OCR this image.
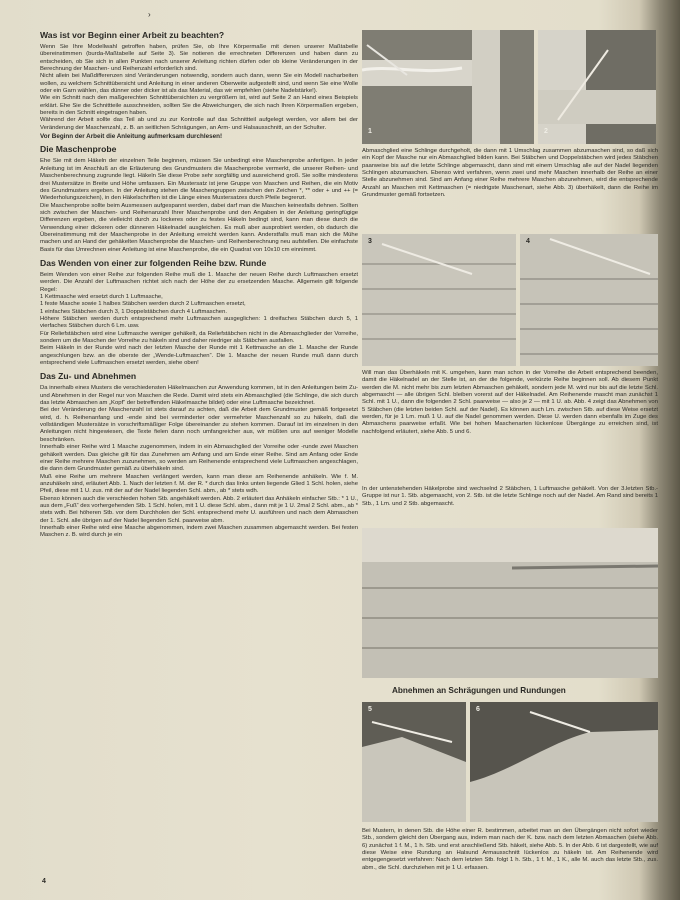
›
Was ist vor Beginn einer Arbeit zu beachten?

Wenn Sie Ihre Modellwahl getroffen haben, prüfen Sie, ob Ihre Körpermaße mit denen unserer Maßtabelle übereinstimmen (burda-Maßtabelle auf Seite 3). Sie notieren die errechneten Differenzen und haben dann zu entscheiden, ob Sie sich in allen Punkten nach unserer Anleitung richten dürfen oder ob kleine Veränderungen in der Berechnung der Maschen- und Reihenzahl erforderlich sind.

Nicht allein bei Maßdifferenzen sind Veränderungen notwendig, sondern auch dann, wenn Sie ein Modell nacharbeiten wollen, zu welchem Schnittübersicht und Anleitung in einer anderen Oberweite aufgestellt sind, und wenn Sie eine Wolle oder ein Garn wählen, das dünner oder dicker ist als das Material, das wir empfehlen (siehe Nadelstärke!).

Wie ein Schnitt nach den maßgerechten Schnittübersichten zu vergrößern ist, wird auf Seite 2 an Hand eines Beispiels erklärt. Ehe Sie die Schnittteile ausschneiden, sollten Sie die Abweichungen, die sich nach Ihren Körpermaßen ergeben, bereits in den Schnitt eingetragen haben.

Während der Arbeit sollte das Teil ab und zu zur Kontrolle auf das Schnittteil aufgelegt werden, vor allem bei der Veränderung der Maschenzahl, z. B. an seitlichen Schrägungen, an Arm- und Halsausschnitt, an der Schulter.

Vor Beginn der Arbeit die Anleitung aufmerksam durchlesen!

Die Maschenprobe

Ehe Sie mit dem Häkeln der einzelnen Teile beginnen, müssen Sie unbedingt eine Maschenprobe anfertigen. In jeder Anleitung ist im Anschluß an die Erläuterung des Grundmusters die Maschenprobe vermerkt, die unserer Reihen- und Maschenberechnung zugrunde liegt. Häkeln Sie diese Probe sehr sorgfältig und ausreichend groß. Sie sollte mindestens drei Mustersätze in Breite und Höhe umfassen. Ein Mustersatz ist jene Gruppe von Maschen und Reihen, die ein Motiv des Grundmusters ergeben. In der Anleitung stehen die Maschengruppen zwischen den Zeichen *, ** oder + und ++ (= Wiederholungszeichen), in den Häkelschriften ist die Länge eines Mustersatzes durch Pfeile begrenzt.

Die Maschenprobe sollte beim Ausmessen aufgespannt werden, dabei darf man die Maschen keinesfalls dehnen. Sollten sich zwischen der Maschen- und Reihenanzahl Ihrer Maschenprobe und den Angaben in der Anleitung geringfügige Differenzen ergeben, die vielleicht durch zu lockeres oder zu festes Häkeln bedingt sind, kann man diese durch die Verwendung einer dickeren oder dünneren Häkelnadel ausgleichen. Es muß aber ausprobiert werden, ob dadurch die Übereinstimmung mit der Maschenprobe in der Anleitung erreicht werden kann. Anderstfalls muß man sich die Mühe machen und an Hand der gehäkelten Maschenprobe die Maschen- und Reihenberechnung neu aufstellen. Die einfachste Basis für das Umrechnen einer Anleitung ist eine Maschenprobe, die ein Quadrat von 10x10 cm einnimmt.

Das Wenden von einer zur folgenden Reihe bzw. Runde

Beim Wenden von einer Reihe zur folgenden Reihe muß die 1. Masche der neuen Reihe durch Luftmaschen ersetzt werden. Die Anzahl der Luftmaschen richtet sich nach der Höhe der zu ersetzenden Masche. Allgemein gilt folgende Regel:

1 Kettmasche wird ersetzt durch 1 Luftmasche,

1 feste Masche sowie 1 halbes Stäbchen werden durch 2 Luftmaschen ersetzt,

1 einfaches Stäbchen durch 3, 1 Doppelstäbchen durch 4 Luftmaschen.

Höhere Stäbchen werden durch entsprechend mehr Luftmaschen ausgeglichen: 1 dreifaches Stäbchen durch 5, 1 vierfaches Stäbchen durch 6 Lm. usw.

Für Reliefstäbchen wird eine Luftmasche weniger gehäkelt, da Reliefstäbchen nicht in die Abmaschglieder der Vorreihe, sondern um die Maschen der Vorreihe zu häkeln sind und daher niedriger als Stäbchen ausfallen.

Beim Häkeln in der Runde wird nach der letzten Masche der Runde mit 1 Kettmasche an die 1. Masche der Runde angeschlungen bzw. an die oberste der „Wende-Luftmaschen“. Die 1. Masche der neuen Runde muß dann durch entsprechend viele Luftmaschen ersetzt werden, siehe oben!

Das Zu- und Abnehmen

Da innerhalb eines Musters die verschiedensten Häkelmaschen zur Anwendung kommen, ist in den Anleitungen beim Zu- und Abnehmen in der Regel nur von Maschen die Rede. Damit wird stets ein Abmaschglied (die Schlinge, die sich durch das letzte Abmaschen am „Kopf“ der betreffenden Häkelmasche bildet) oder eine Luftmasche bezeichnet.

Bei der Veränderung der Maschenzahl ist stets darauf zu achten, daß die Arbeit dem Grundmuster gemäß fortgesetzt wird, d. h. Reihenanfang und -ende sind bei verminderter oder vermehrter Maschenzahl so zu häkeln, daß die vollständigen Mustersätze in vorschriftsmäßiger Folge übereinander zu stehen kommen. Darauf ist im einzelnen in den Anleitungen nicht hingewiesen, die Texte fielen dann noch umfangreicher aus, wir müßten uns auf weniger Modelle beschränken.

Innerhalb einer Reihe wird 1 Masche zugenommen, indem in ein Abmaschglied der Vorreihe oder -runde zwei Maschen gehäkelt werden. Das gleiche gilt für das Zunehmen am Anfang und am Ende einer Reihe. Sind am Anfang oder Ende einer Reihe mehrere Maschen zuzunehmen, so werden am Reihenende entsprechend viele Luftmaschen angeschlagen, die dann dem Grundmuster gemäß zu überhäkeln sind.

Muß eine Reihe um mehrere Maschen verlängert werden, kann man diese am Reihenende anhäkeln. Wie f. M. anzuhäkeln sind, erläutert Abb. 1. Nach der letzten f. M. der R. * durch das links unten liegende Glied 1 Schl. holen, siehe Pfeil, diese mit 1 U. zus. mit der auf der Nadel liegenden Schl. abm., ab * stets wdh.

Ebenso können auch die verschieden hohen Stb. angehäkelt werden. Abb. 2 erläutert das Anhäkeln einfacher Stb.: * 1 U., aus dem „Fuß“ des vorhergehenden Stb. 1 Schl. holen, mit 1 U. diese Schl. abm., dann mit je 1 U. 2mal 2 Schl. abm., ab * stets wdh. Bei höheren Stb. vor dem Durchholen der Schl. entsprechend mehr U. ausführen und nach dem Abmaschen der 1. Schl. alle übrigen auf der Nadel liegenden Schl. paarweise abm.

Innerhalb einer Reihe wird eine Masche abgenommen, indem zwei Maschen zusammen abgemascht werden. Bei festen Maschen z. B. wird durch je ein

1	2

Abmaschglied eine Schlinge durchgeholt, die dann mit 1 Umschlag zusammen abzumaschen sind, so daß sich ein Kopf der Masche nur ein Abmaschglied bilden kann. Bei Stäbchen und Doppelstäbchen wird jedes Stäbchen paarweise bis auf die letzte Schlinge abgemascht, dann sind mit einem Umschlag alle auf der Nadel liegenden Schlingen abzumaschen. Ebenso wird verfahren, wenn zwei und mehr Maschen innerhalb der Reihe an einer Stelle abzunehmen sind. Sind am Anfang einer Reihe mehrere Maschen abzunehmen, wird die entsprechende Anzahl an Maschen mit Kettmaschen (= niedrigste Maschenart, siehe Abb. 3) überhäkelt, dann die Reihe im Grundmuster gemäß fortsetzen.

3	4

Will man das Überhäkeln mit K. umgehen, kann man schon in der Vorreihe die Arbeit entsprechend beenden, damit die Häkelnadel an der Stelle ist, an der die folgende, verkürzte Reihe beginnen soll. Ab diesem Punkt werden die M. nicht mehr bis zum letzten Abmaschen gehäkelt, sondern jede M. wird nur bis auf die letzte Schl. abgemascht — alle übrigen Schl. bleiben vorerst auf der Häkelnadel. Am Reihenende mascht man zunächst 1 Schl. mit 1 U., dann die folgenden 2 Schl. paarweise — also je 2 — mit 1 U. ab. Abb. 4 zeigt das Abnehmen von 5 Stäbchen (die letzten beiden Schl. auf der Nadel). Es können auch Lm. zwischen Stb. auf diese Weise ersetzt werden, für je 1 Lm. muß 1 U. auf die Nadel genommen werden. Diese U. werden dann ebenfalls im Zuge des Abmaschens paarweise erfaßt. Wie bei hohen Maschenarten lückenlose Übergänge zu erreichen sind, ist nachfolgend erläutert, siehe Abb. 5 und 6.

In der untenstehenden Häkelprobe sind wechselnd 2 Stäbchen, 1 Luftmasche gehäkelt. Von der 3.letzten Stb.-Gruppe ist nur 1. Stb. abgemascht, von 2. Stb. ist die letzte Schlinge noch auf der Nadel. Am Rand sind bereits 1 Stb., 1 Lm. und 2 Stb. abgemascht.

Abnehmen an Schrägungen und Rundungen
5	6

Bei Mustern, in denen Stb. die Höhe einer R. bestimmen, arbeitet man an den Übergängen nicht sofort wieder Stb., sondern gleicht den Übergang aus, indem man nach der K. bzw. nach dem letzten Abmaschen (siehe Abb. 6) zunächst 1 f. M., 1 h. Stb. und erst anschließend Stb. häkelt, siehe Abb. 5. In der Abb. 6 ist dargestellt, wie auf diese Weise eine Rundung an Halsund Armausschnitt lückenlos zu häkeln ist. Am Reihenende wird entgegengesetzt verfahren: Nach dem letzten Stb. folgt 1 h. Stb., 1 f. M., 1 K., alle M. auch das letzte Stb., zus. abm., die Schl. durchziehen mit je 1 U. erfassen.

4
